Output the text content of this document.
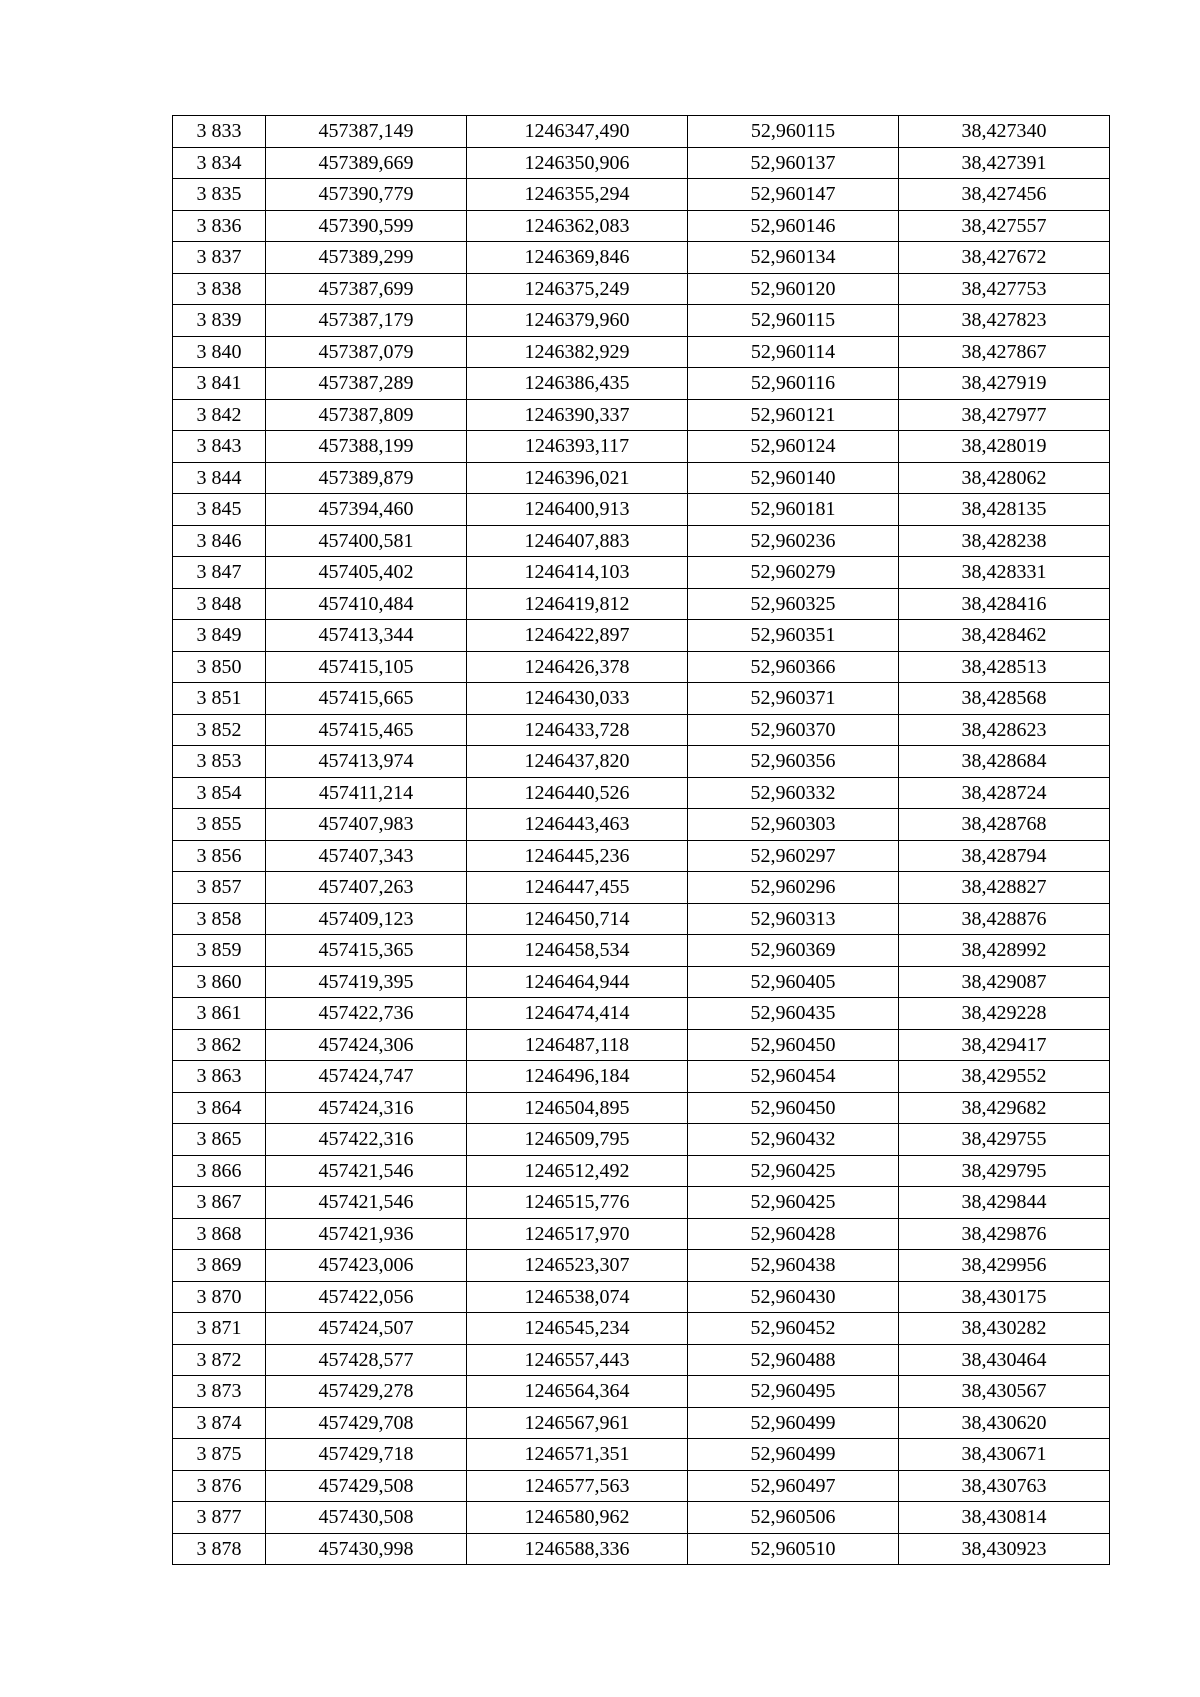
3 833	457387,149	1246347,490	52,960115	38,427340
3 834	457389,669	1246350,906	52,960137	38,427391
3 835	457390,779	1246355,294	52,960147	38,427456
3 836	457390,599	1246362,083	52,960146	38,427557
3 837	457389,299	1246369,846	52,960134	38,427672
3 838	457387,699	1246375,249	52,960120	38,427753
3 839	457387,179	1246379,960	52,960115	38,427823
3 840	457387,079	1246382,929	52,960114	38,427867
3 841	457387,289	1246386,435	52,960116	38,427919
3 842	457387,809	1246390,337	52,960121	38,427977
3 843	457388,199	1246393,117	52,960124	38,428019
3 844	457389,879	1246396,021	52,960140	38,428062
3 845	457394,460	1246400,913	52,960181	38,428135
3 846	457400,581	1246407,883	52,960236	38,428238
3 847	457405,402	1246414,103	52,960279	38,428331
3 848	457410,484	1246419,812	52,960325	38,428416
3 849	457413,344	1246422,897	52,960351	38,428462
3 850	457415,105	1246426,378	52,960366	38,428513
3 851	457415,665	1246430,033	52,960371	38,428568
3 852	457415,465	1246433,728	52,960370	38,428623
3 853	457413,974	1246437,820	52,960356	38,428684
3 854	457411,214	1246440,526	52,960332	38,428724
3 855	457407,983	1246443,463	52,960303	38,428768
3 856	457407,343	1246445,236	52,960297	38,428794
3 857	457407,263	1246447,455	52,960296	38,428827
3 858	457409,123	1246450,714	52,960313	38,428876
3 859	457415,365	1246458,534	52,960369	38,428992
3 860	457419,395	1246464,944	52,960405	38,429087
3 861	457422,736	1246474,414	52,960435	38,429228
3 862	457424,306	1246487,118	52,960450	38,429417
3 863	457424,747	1246496,184	52,960454	38,429552
3 864	457424,316	1246504,895	52,960450	38,429682
3 865	457422,316	1246509,795	52,960432	38,429755
3 866	457421,546	1246512,492	52,960425	38,429795
3 867	457421,546	1246515,776	52,960425	38,429844
3 868	457421,936	1246517,970	52,960428	38,429876
3 869	457423,006	1246523,307	52,960438	38,429956
3 870	457422,056	1246538,074	52,960430	38,430175
3 871	457424,507	1246545,234	52,960452	38,430282
3 872	457428,577	1246557,443	52,960488	38,430464
3 873	457429,278	1246564,364	52,960495	38,430567
3 874	457429,708	1246567,961	52,960499	38,430620
3 875	457429,718	1246571,351	52,960499	38,430671
3 876	457429,508	1246577,563	52,960497	38,430763
3 877	457430,508	1246580,962	52,960506	38,430814
3 878	457430,998	1246588,336	52,960510	38,430923
